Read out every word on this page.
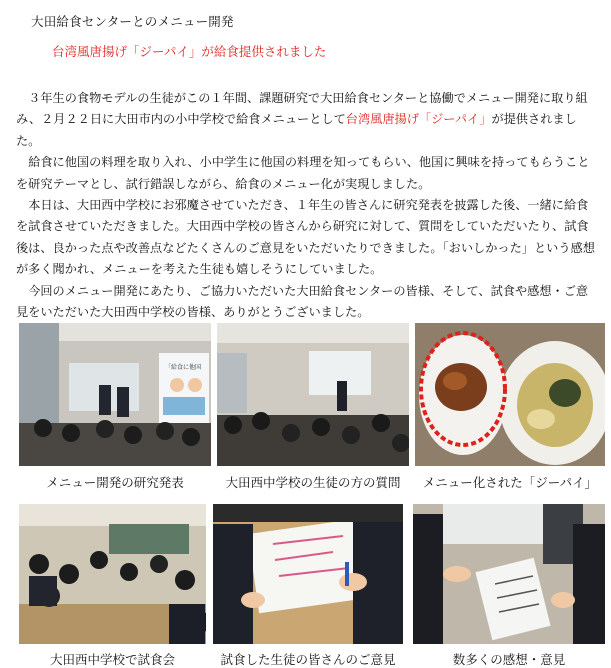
大田給食センターとのメニュー開発
台湾風唐揚げ「ジーパイ」が給食提供されました

３年生の食物モデルの生徒がこの１年間、課題研究で大田給食センターと協働でメニュー開発に取り組み、２月２２日に大田市内の小中学校で給食メニューとして台湾風唐揚げ「ジーパイ」が提供されました。

給食に他国の料理を取り入れ、小中学生に他国の料理を知ってもらい、他国に興味を持ってもらうことを研究テーマとし、試行錯誤しながら、給食のメニュー化が実現しました。

本日は、大田西中学校にお邪魔させていただき、１年生の皆さんに研究発表を披露した後、一緒に給食を試食させていただきました。大田西中学校の皆さんから研究に対して、質問をしていただいたり、試食後は、良かった点や改善点などたくさんのご意見をいただいたりできました。「おいしかった」という感想が多く聞かれ、メニューを考えた生徒も嬉しそうにしていました。

今回のメニュー開発にあたり、ご協力いただいた大田給食センターの皆様、そして、試食や感想・ご意見をいただいた大田西中学校の皆様、ありがとうございました。

「給食に他国
メニュー開発の研究発表	大田西中学校の生徒の方の質問	メニュー化された「ジーパイ」
大田西中学校で試食会	試食した生徒の皆さんのご意見	数多くの感想・意見
